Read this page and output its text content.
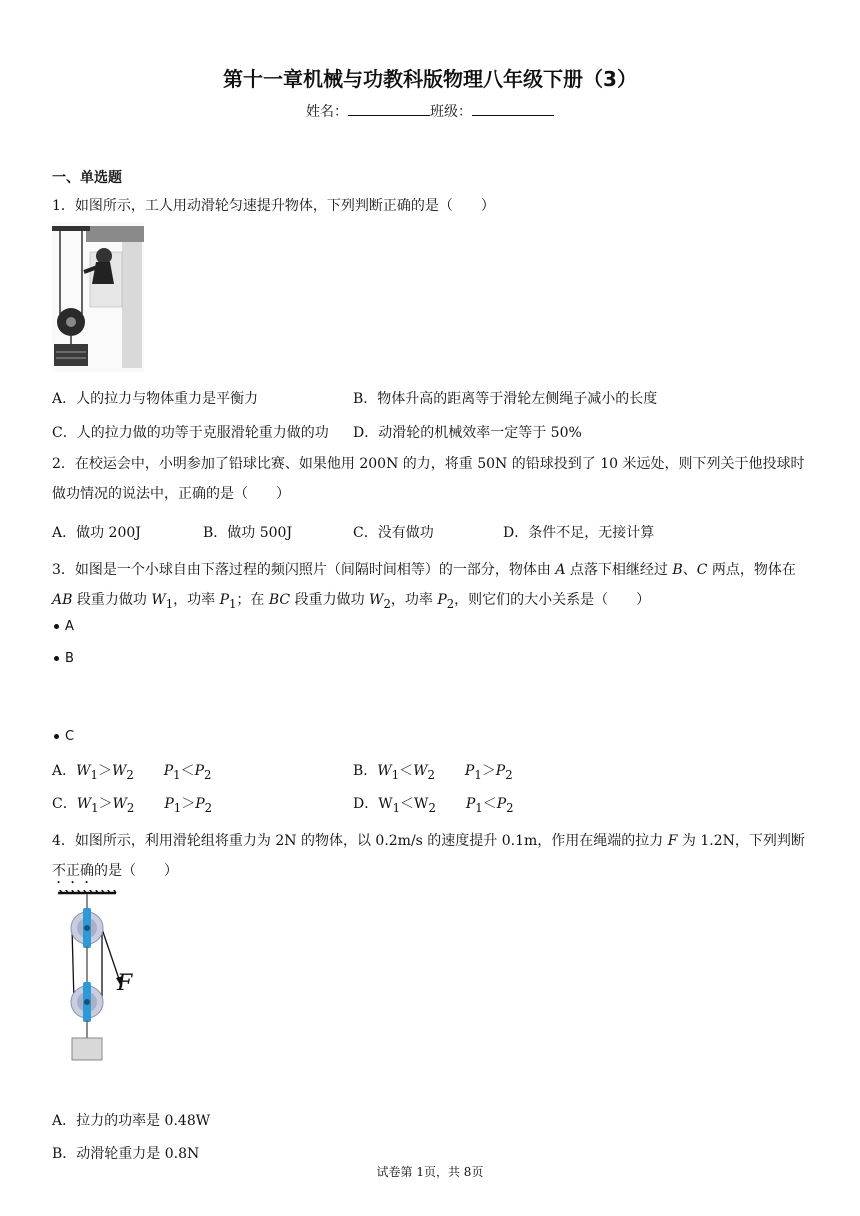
第十一章机械与功教科版物理八年级下册（3）
姓名：	班级：
一、单选题
1．如图所示，工人用动滑轮匀速提升物体，下列判断正确的是（　　）
A．人的拉力与物体重力是平衡力	B．物体升高的距离等于滑轮左侧绳子减小的长度
C．人的拉力做的功等于克服滑轮重力做的功 D．动滑轮的机械效率一定等于 50%
2．在校运会中，小明参加了铅球比赛、如果他用 200N 的力，将重 50N 的铅球投到了 10 米远处，则下列关于他投球时做功情况的说法中，正确的是（　　）
A．做功 200J	B．做功 500J	C．没有做功	D．条件不足，无接计算
3．如图是一个小球自由下落过程的频闪照片（间隔时间相等）的一部分，物体由 A 点落下相继经过 B、C 两点，物体在 AB 段重力做功 $W_1$，功率 $P_1$；在 BC 段重力做功 $W_2$，功率 $P_2$，则它们的大小关系是（　　）
A
B
C
A．$W_1>W_2$ $P_1<P_2$	B．$W_1<W_2$ $P_1>P_2$
C．$W_1>W_2$ $P_1>P_2$	D．$W_1<W_2$ $P_1<P_2$
4．如图所示，利用滑轮组将重力为 2N 的物体，以 0.2m/s 的速度提升 0.1m，作用在绳端的拉力 F 为 1.2N，下列判断不正确的是（　　）
F
A．拉力的功率是 0.48W
B．动滑轮重力是 0.8N
试卷第 1页，共 8页
